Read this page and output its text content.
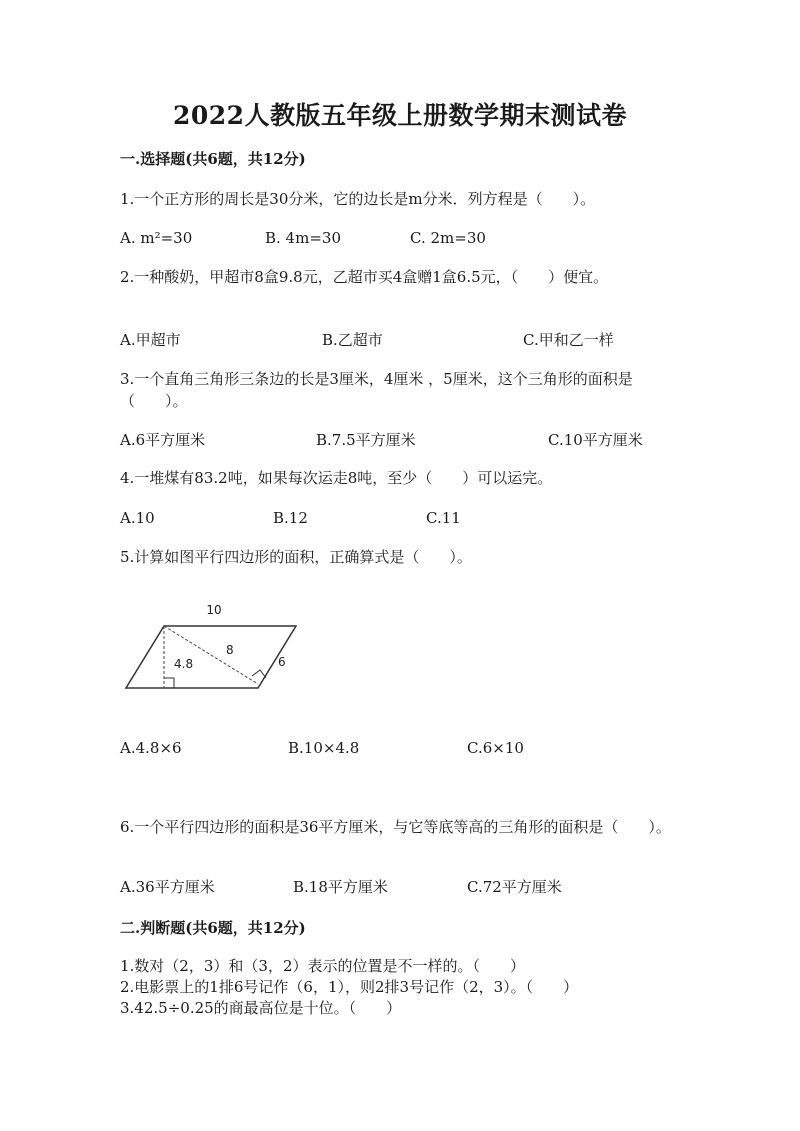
2022人教版五年级上册数学期末测试卷
一.选择题(共6题，共12分)
1.一个正方形的周长是30分米，它的边长是m分米．列方程是（　　）。
A. m²=30	B. 4m=30	C. 2m=30
2.一种酸奶，甲超市8盒9.8元，乙超市买4盒赠1盒6.5元，（　　）便宜。
A.甲超市	B.乙超市	C.甲和乙一样
3.一个直角三角形三条边的长是3厘米，4厘米 ，5厘米，这个三角形的面积是（　　）。
A.6平方厘米	B.7.5平方厘米	C.10平方厘米
4.一堆煤有83.2吨，如果每次运走8吨，至少（　　）可以运完。
A.10	B.12	C.11
5.计算如图平行四边形的面积，正确算式是（　　）。
10
4.8
8
6
A.4.8×6	B.10×4.8	C.6×10
6.一个平行四边形的面积是36平方厘米，与它等底等高的三角形的面积是（　　）。
A.36平方厘米	B.18平方厘米	C.72平方厘米
二.判断题(共6题，共12分)
1.数对（2，3）和（3，2）表示的位置是不一样的。（　　）
2.电影票上的1排6号记作（6，1），则2排3号记作（2，3）。（　　）
3.42.5÷0.25的商最高位是十位。（　　）
